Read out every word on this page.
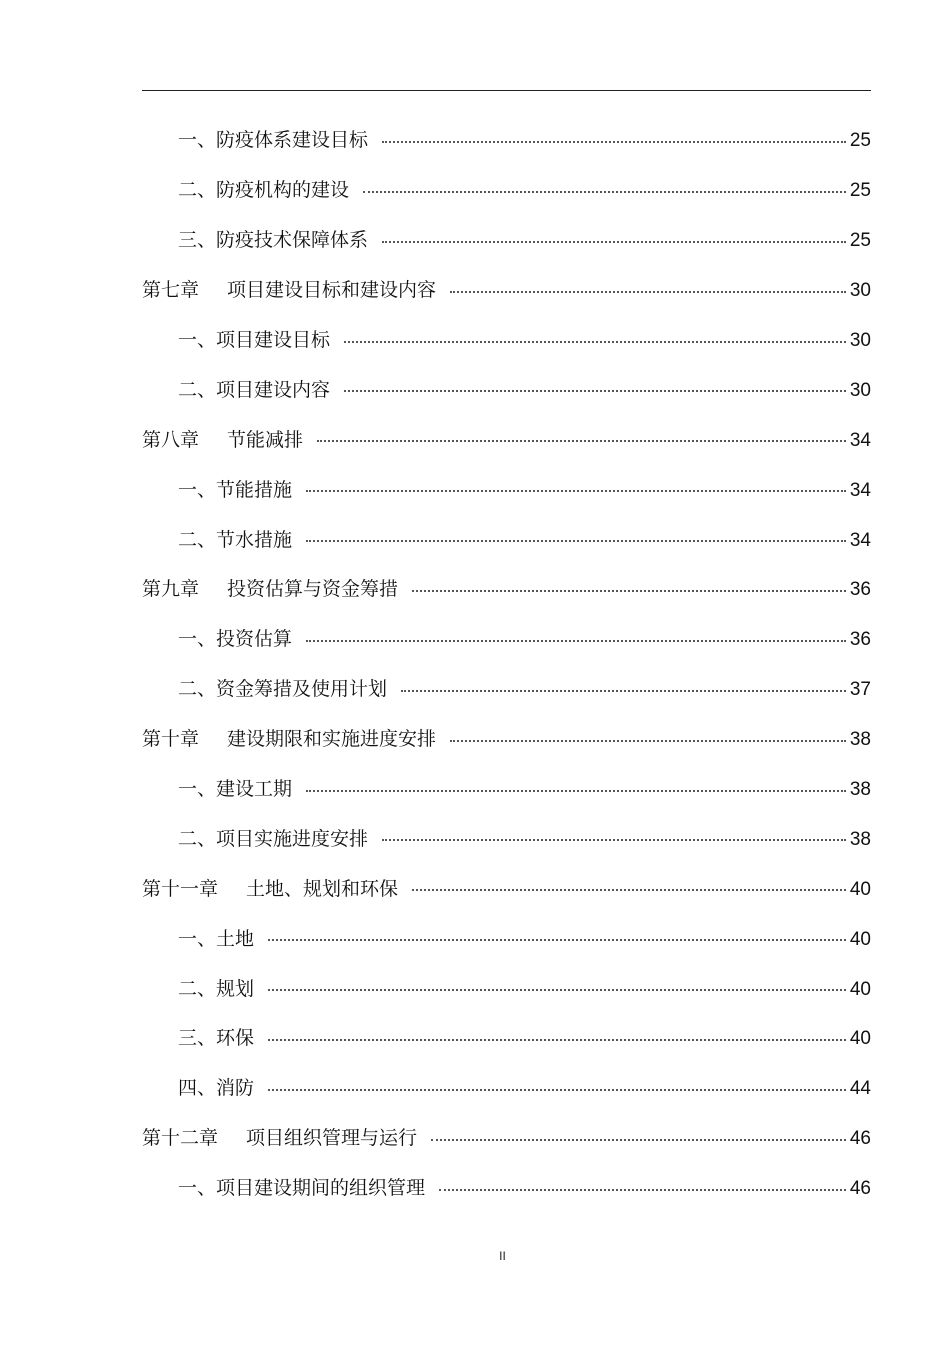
一、 防疫体系建设目标	25
二、 防疫机构的建设	25
三、 防疫技术保障体系	25
第七章 项目建设目标和建设内容	30
一、 项目建设目标	30
二、 项目建设内容	30
第八章 节能减排	34
一、 节能措施	34
二、 节水措施	34
第九章 投资估算与资金筹措	36
一、 投资估算	36
二、 资金筹措及使用计划	37
第十章 建设期限和实施进度安排	38
一、 建设工期	38
二、 项目实施进度安排	38
第十一章 土地、规划和环保	40
一、 土地	40
二、 规划	40
三、 环保	40
四、 消防	44
第十二章 项目组织管理与运行	46
一、 项目建设期间的组织管理	46
II
